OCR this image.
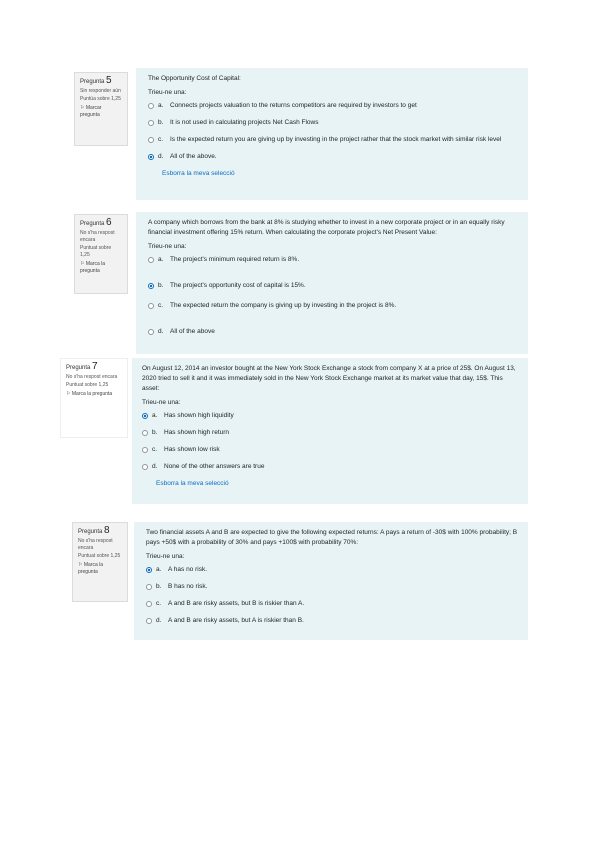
Pregunta 5
Sin responder aún
Puntúa sobre 1,25
⚐ Marcar pregunta
The Opportunity Cost of Capital:
Trieu-ne una:
a.	Connects projects valuation to the returns competitors are required by investors to get
b.	It is not used in calculating projects Net Cash Flows
c.	Is the expected return you are giving up by investing in the project rather that the stock market with similar risk level
d.	All of the above.
Esborra la meva selecció
Pregunta 6
No s'ha respost encara
Puntuat sobre 1,25
⚐ Marca la pregunta
A company which borrows from the bank at 8% is studying whether to invest in a new corporate project or in an equally risky financial investment offering 15% return. When calculating the corporate project's Net Present Value:
Trieu-ne una:
a.	The project's minimum required return is 8%.
b.	The project's opportunity cost of capital is 15%.
c.	The expected return the company is giving up by investing in the project is 8%.
d.	All of the above
Pregunta 7
No s'ha respost encara
Puntuat sobre 1,25
⚐ Marca la pregunta
On August 12, 2014 an investor bought at the New York Stock Exchange a stock from company X at a price of 25$. On August 13, 2020 tried to sell it and it was immediately sold in the New York Stock Exchange market at its market value that day, 15$. This asset:
Trieu-ne una:
a.	Has shown high liquidity
b.	Has shown high return
c.	Has shown low risk
d.	None of the other answers are true
Esborra la meva selecció
Pregunta 8
No s'ha respost encara
Puntuat sobre 1,25
⚐ Marca la pregunta
Two financial assets A and B are expected to give the following expected returns: A pays a return of -30$ with 100% probability; B pays +50$ with a probability of 30% and pays +100$ with probability 70%:
Trieu-ne una:
a.	A has no risk.
b.	B has no risk.
c.	A and B are risky assets, but B is riskier than A.
d.	A and B are risky assets, but A is riskier than B.
